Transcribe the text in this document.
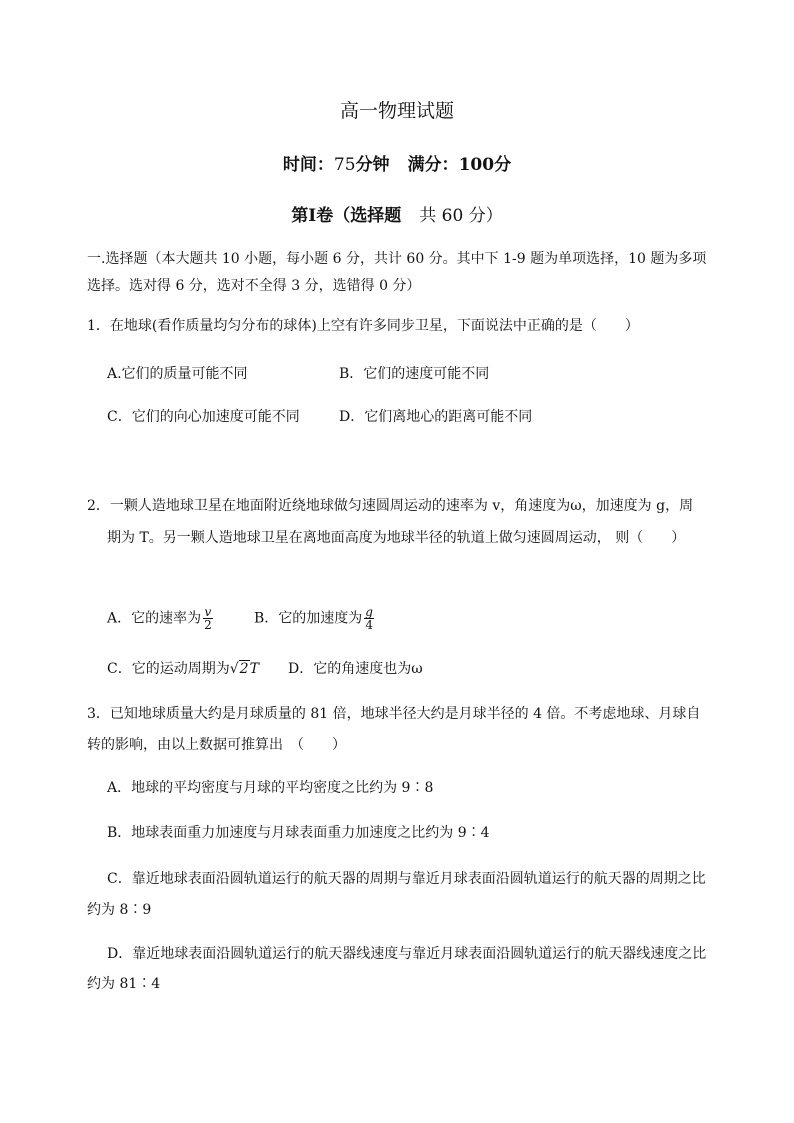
高一物理试题
时间：75分钟 满分：100分
第Ⅰ卷（选择题 共 60 分）
一.选择题（本大题共 10 小题，每小题 6 分，共计 60 分。其中下 1-9 题为单项选择，10 题为多项
选择。选对得 6 分，选对不全得 3 分，选错得 0 分）
1．在地球(看作质量均匀分布的球体)上空有许多同步卫星，下面说法中正确的是（　　）
A.它们的质量可能不同	B．它们的速度可能不同
C．它们的向心加速度可能不同	D．它们离地心的距离可能不同
2．一颗人造地球卫星在地面附近绕地球做匀速圆周运动的速率为 v，角速度为ω，加速度为 g，周
期为 T。另一颗人造地球卫星在离地面高度为地球半径的轨道上做匀速圆周运动， 则（　　）
A．它的速率为 $\frac{v}{2}$	B．它的加速度为 $\frac{g}{4}$
C．它的运动周期为√2T D．它的角速度也为ω
3．已知地球质量大约是月球质量的 81 倍，地球半径大约是月球半径的 4 倍。不考虑地球、月球自
转的影响，由以上数据可推算出　（　　）
A．地球的平均密度与月球的平均密度之比约为 9∶8
B．地球表面重力加速度与月球表面重力加速度之比约为 9∶4
C．靠近地球表面沿圆轨道运行的航天器的周期与靠近月球表面沿圆轨道运行的航天器的周期之比
约为 8∶9
D．靠近地球表面沿圆轨道运行的航天器线速度与靠近月球表面沿圆轨道运行的航天器线速度之比
约为 81∶4
